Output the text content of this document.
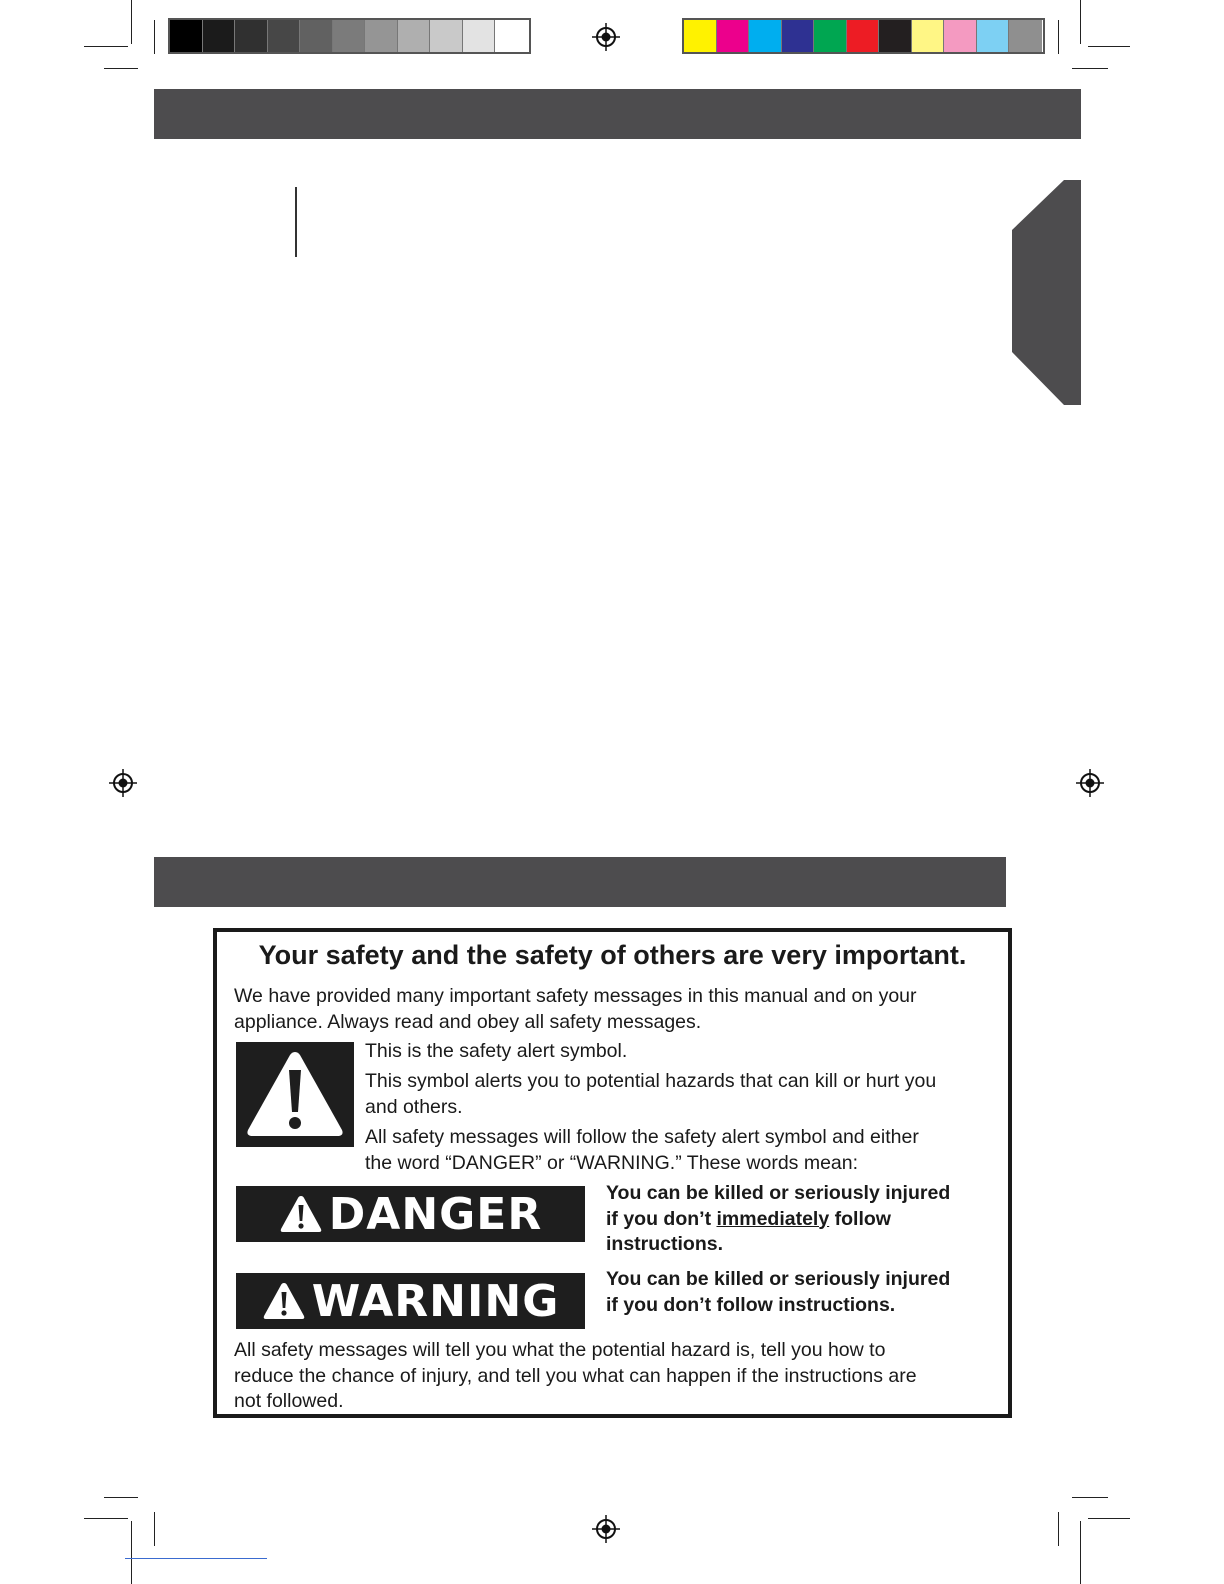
Your safety and the safety of others are very important.

We have provided many important safety messages in this manual and on your
appliance. Always read and obey all safety messages.

This is the safety alert symbol.

This symbol alerts you to potential hazards that can kill or hurt you
and others.

All safety messages will follow the safety alert symbol and either
the word “DANGER” or “WARNING.” These words mean:

DANGER	You can be killed or seriously injured
if you don’t immediately follow
instructions.

WARNING You can be killed or seriously injured
if you don’t follow instructions.

All safety messages will tell you what the potential hazard is, tell you how to
reduce the chance of injury, and tell you what can happen if the instructions are
not followed.
